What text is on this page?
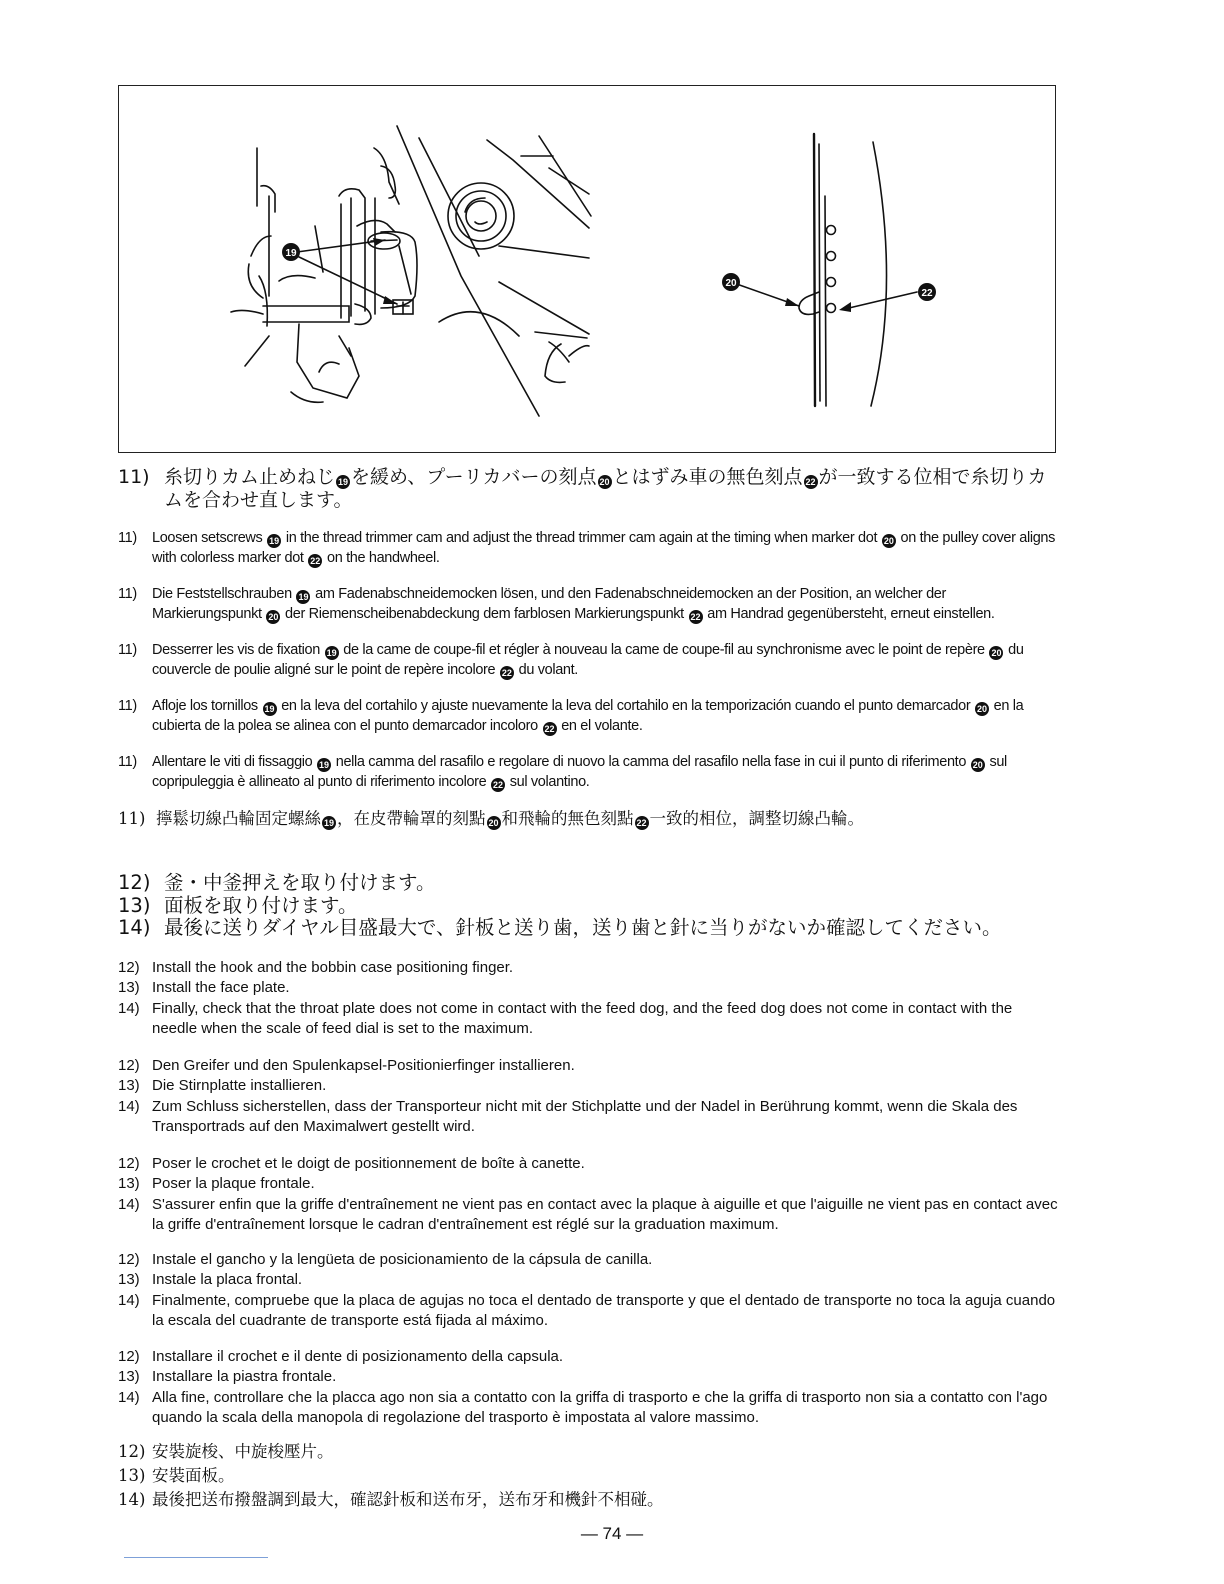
19
20
22
11) 糸切りカム止めねじ 19 を緩め、プーリカバーの刻点 20 とはずみ車の無色刻点 22 が一致する位相で糸切りカムを合わせ直します。
11)	Loosen setscrews 19 in the thread trimmer cam and adjust the thread trimmer cam again at the timing when marker dot 20 on the pulley cover aligns with colorless marker dot 22 on the handwheel.
11)	Die Feststellschrauben 19 am Fadenabschneidemocken lösen, und den Fadenabschneidemocken an der Position, an welcher der Markierungspunkt 20 der Riemenscheibenabdeckung dem farblosen Markierungspunkt 22 am Handrad gegenübersteht, erneut einstellen.
11)	Desserrer les vis de fixation 19 de la came de coupe-fil et régler à nouveau la came de coupe-fil au synchronisme avec le point de repère 20 du couvercle de poulie aligné sur le point de repère incolore 22 du volant.
11)	Afloje los tornillos 19 en la leva del cortahilo y ajuste nuevamente la leva del cortahilo en la temporización cuando el punto demarcador 20 en la cubierta de la polea se alinea con el punto demarcador incoloro 22 en el volante.
11)	Allentare le viti di fissaggio 19 nella camma del rasafilo e regolare di nuovo la camma del rasafilo nella fase in cui il punto di riferimento 20 sul copripuleggia è allineato al punto di riferimento incolore 22 sul volantino.
11) 擰鬆切線凸輪固定螺絲 19 ，在皮帶輪罩的刻點 20 和飛輪的無色刻點 22 一致的相位，調整切線凸輪。
12) 釜・中釜押えを取り付けます。
13) 面板を取り付けます。
14) 最後に送りダイヤル目盛最大で、針板と送り歯，送り歯と針に当りがないか確認してください。
12) Install the hook and the bobbin case positioning finger.
13) Install the face plate.
14) Finally, check that the throat plate does not come in contact with the feed dog, and the feed dog does not come in contact with the needle when the scale of feed dial is set to the maximum.
12) Den Greifer und den Spulenkapsel-Positionierfinger installieren.
13) Die Stirnplatte installieren.
14) Zum Schluss sicherstellen, dass der Transporteur nicht mit der Stichplatte und der Nadel in Berührung kommt, wenn die Skala des Transportrads auf den Maximalwert gestellt wird.
12) Poser le crochet et le doigt de positionnement de boîte à canette.
13) Poser la plaque frontale.
14) S'assurer enfin que la griffe d'entraînement ne vient pas en contact avec la plaque à aiguille et que l'aiguille ne vient pas en contact avec la griffe d'entraînement lorsque le cadran d'entraînement est réglé sur la graduation maximum.
12) Instale el gancho y la lengüeta de posicionamiento de la cápsula de canilla.
13) Instale la placa frontal.
14) Finalmente, compruebe que la placa de agujas no toca el dentado de transporte y que el dentado de transporte no toca la aguja cuando la escala del cuadrante de transporte está fijada al máximo.
12) Installare il crochet e il dente di posizionamento della capsula.
13) Installare la piastra frontale.
14) Alla fine, controllare che la placca ago non sia a contatto con la griffa di trasporto e che la griffa di trasporto non sia a contatto con l'ago quando la scala della manopola di regolazione del trasporto è impostata al valore massimo.
12) 安裝旋梭、中旋梭壓片。
13) 安裝面板。
14) 最後把送布撥盤調到最大，確認針板和送布牙，送布牙和機針不相碰。
— 74 —
